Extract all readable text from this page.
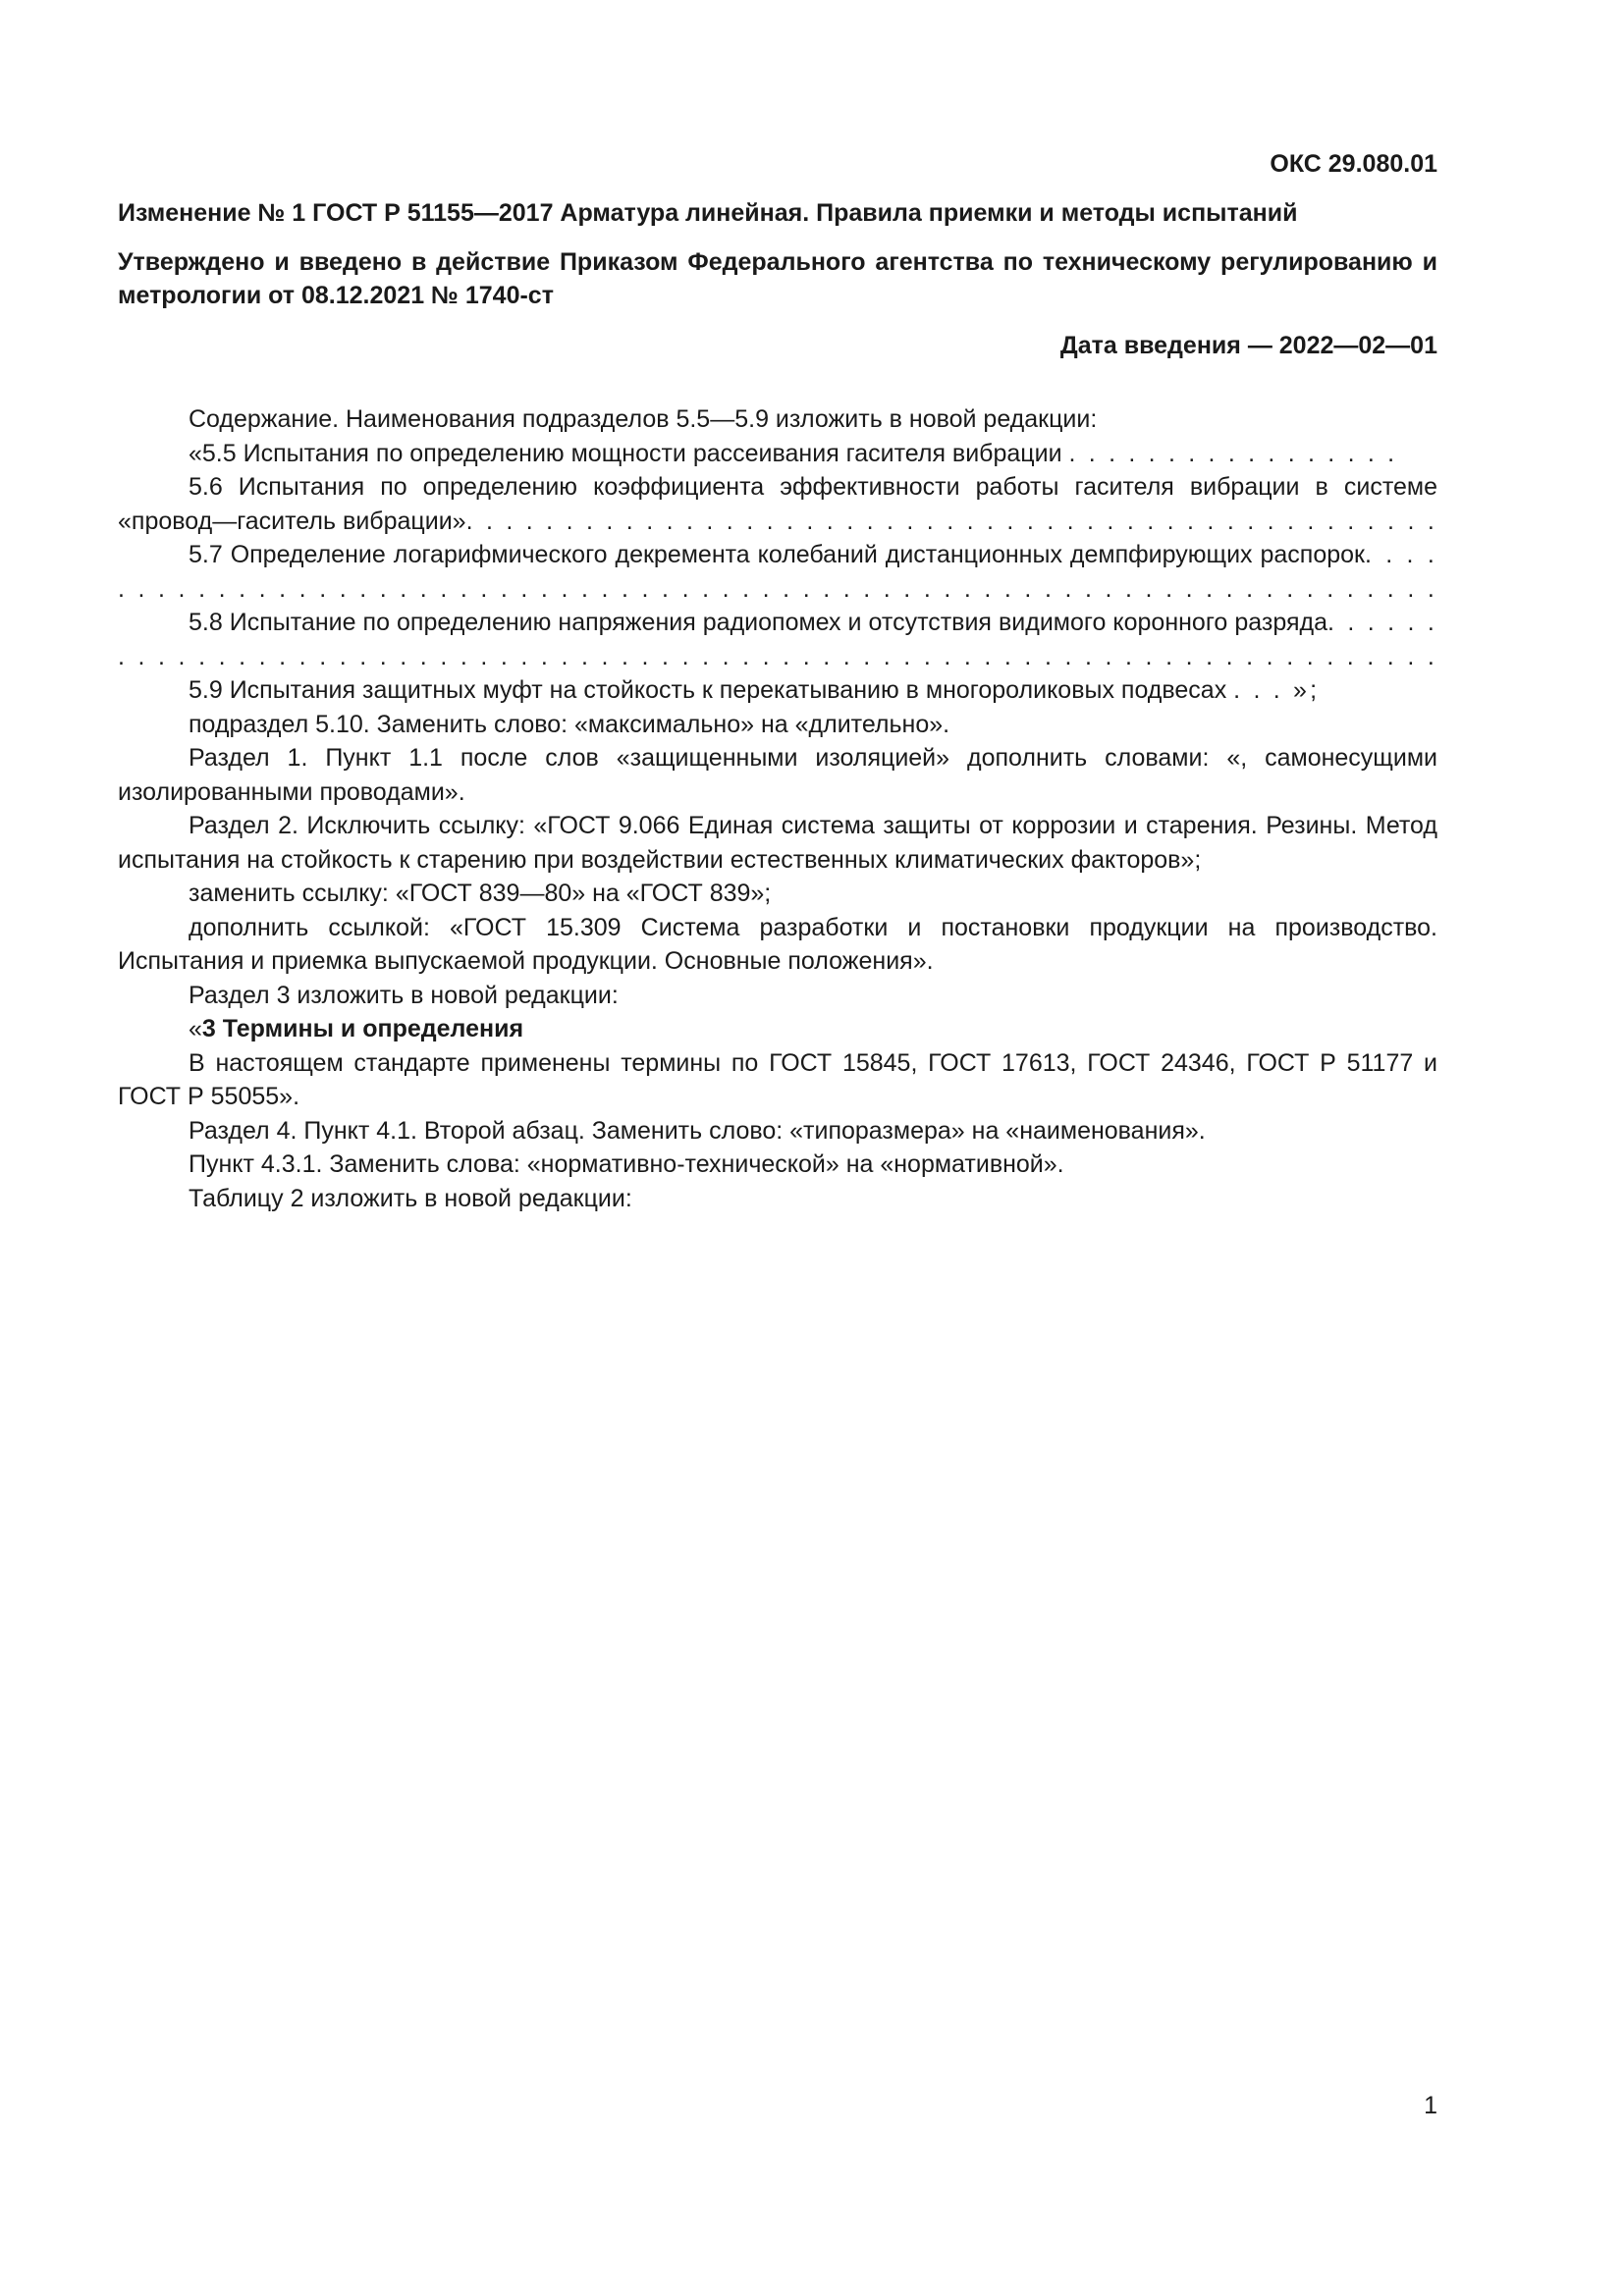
ОКС 29.080.01
Изменение № 1 ГОСТ Р 51155—2017 Арматура линейная. Правила приемки и методы испытаний
Утверждено и введено в действие Приказом Федерального агентства по техническому регулированию и метрологии от 08.12.2021 № 1740-ст
Дата введения — 2022—02—01

Содержание. Наименования подразделов 5.5—5.9 изложить в новой редакции:

«5.5 Испытания по определению мощности рассеивания гасителя вибрации . . . . . . . . . . . . . . . . .

5.6 Испытания по определению коэффициента эффективности работы гасителя вибрации в системе «провод—гаситель вибрации». . . . . . . . . . . . . . . . . . . . . . . . . . . . . . . . . . . . . . . . . . . . . . . . .

5.7 Определение логарифмического декремента колебаний дистанционных демпфирующих распорок. . . . . . . . . . . . . . . . . . . . . . . . . . . . . . . . . . . . . . . . . . . . . . . . . . . . . . . . . . . . . . . . . . . . . .

5.8 Испытание по определению напряжения радиопомех и отсутствия видимого коронного разряда. . . . . . . . . . . . . . . . . . . . . . . . . . . . . . . . . . . . . . . . . . . . . . . . . . . . . . . . . . . . . . . . . . . . . . . .

5.9 Испытания защитных муфт на стойкость к перекатыванию в многороликовых подвесах . . . »;

подраздел 5.10. Заменить слово: «максимально» на «длительно».

Раздел 1. Пункт 1.1 после слов «защищенными изоляцией» дополнить словами: «, самонесущими изолированными проводами».

Раздел 2. Исключить ссылку: «ГОСТ 9.066 Единая система защиты от коррозии и старения. Резины. Метод испытания на стойкость к старению при воздействии естественных климатических факторов»;

заменить ссылку: «ГОСТ 839—80» на «ГОСТ 839»;

дополнить ссылкой: «ГОСТ 15.309 Система разработки и постановки продукции на производство. Испытания и приемка выпускаемой продукции. Основные положения».

Раздел 3 изложить в новой редакции:

«3 Термины и определения

В настоящем стандарте применены термины по ГОСТ 15845, ГОСТ 17613, ГОСТ 24346, ГОСТ Р 51177 и ГОСТ Р 55055».

Раздел 4. Пункт 4.1. Второй абзац. Заменить слово: «типоразмера» на «наименования».

Пункт 4.3.1. Заменить слова: «нормативно-технической» на «нормативной».

Таблицу 2 изложить в новой редакции:

1
